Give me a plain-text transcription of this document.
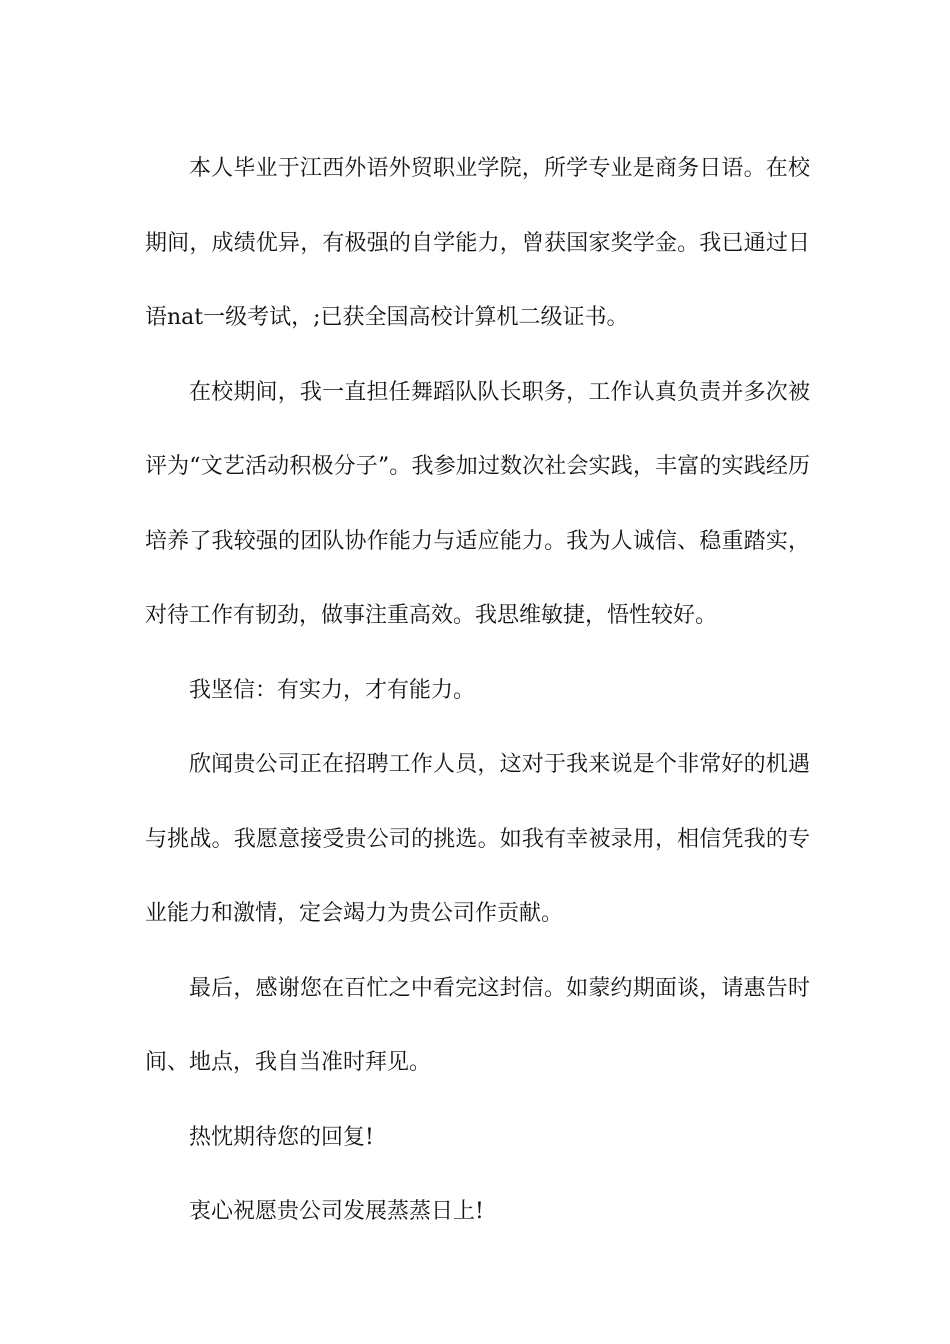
本人毕业于江西外语外贸职业学院，所学专业是商务日语。在校期间，成绩优异，有极强的自学能力，曾获国家奖学金。我已通过日语nat一级考试，;已获全国高校计算机二级证书。

在校期间，我一直担任舞蹈队队长职务，工作认真负责并多次被评为“文艺活动积极分子”。我参加过数次社会实践，丰富的实践经历培养了我较强的团队协作能力与适应能力。我为人诚信、稳重踏实，对待工作有韧劲，做事注重高效。我思维敏捷，悟性较好。

我坚信：有实力，才有能力。

欣闻贵公司正在招聘工作人员，这对于我来说是个非常好的机遇与挑战。我愿意接受贵公司的挑选。如我有幸被录用，相信凭我的专业能力和激情，定会竭力为贵公司作贡献。

最后，感谢您在百忙之中看完这封信。如蒙约期面谈，请惠告时间、地点，我自当准时拜见。

热忱期待您的回复!

衷心祝愿贵公司发展蒸蒸日上!
